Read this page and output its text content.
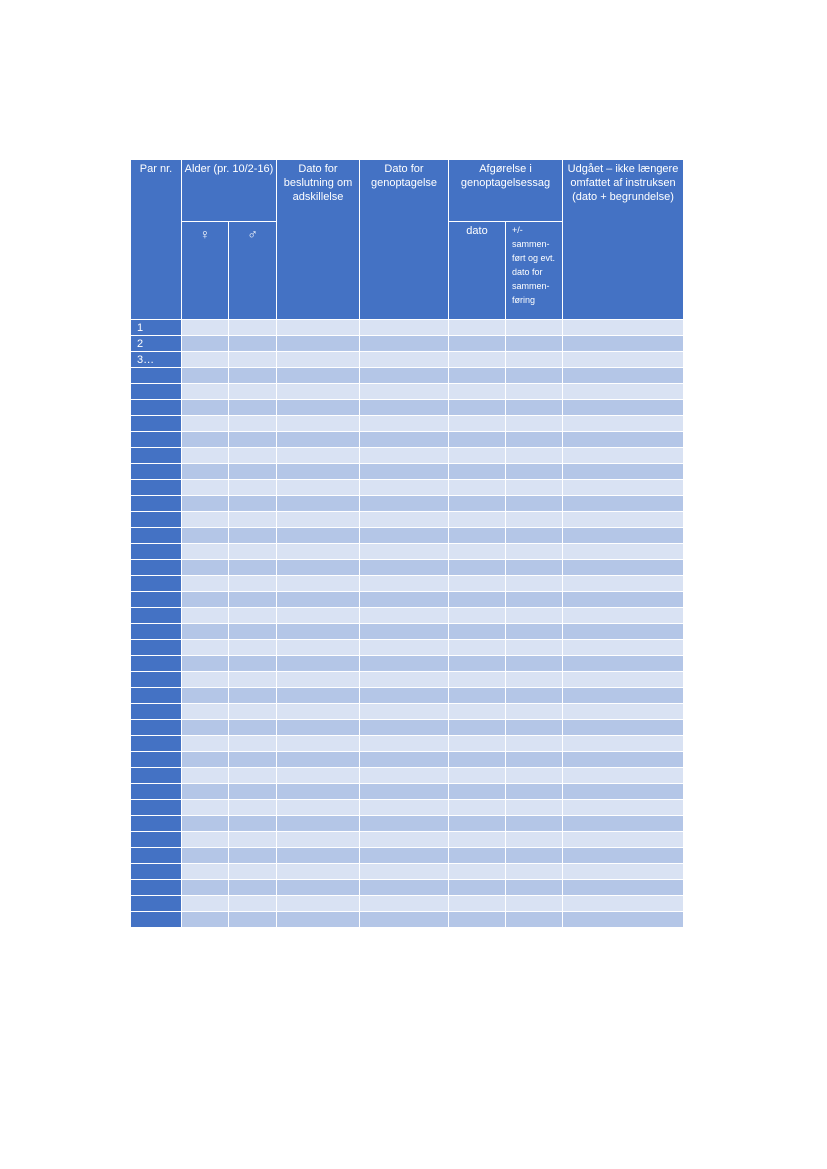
Par nr.	Alder (pr. 10/2-16)		Dato for beslutning om adskillelse	Dato for genoptagelse	Afgørelse i genoptagelsessag		Udgået – ikke længere omfattet af instruksen (dato + begrundelse)

	♀	♂			dato	+/- sammen-ført og evt. dato for sammen-føring	
1							
2							
3…							
